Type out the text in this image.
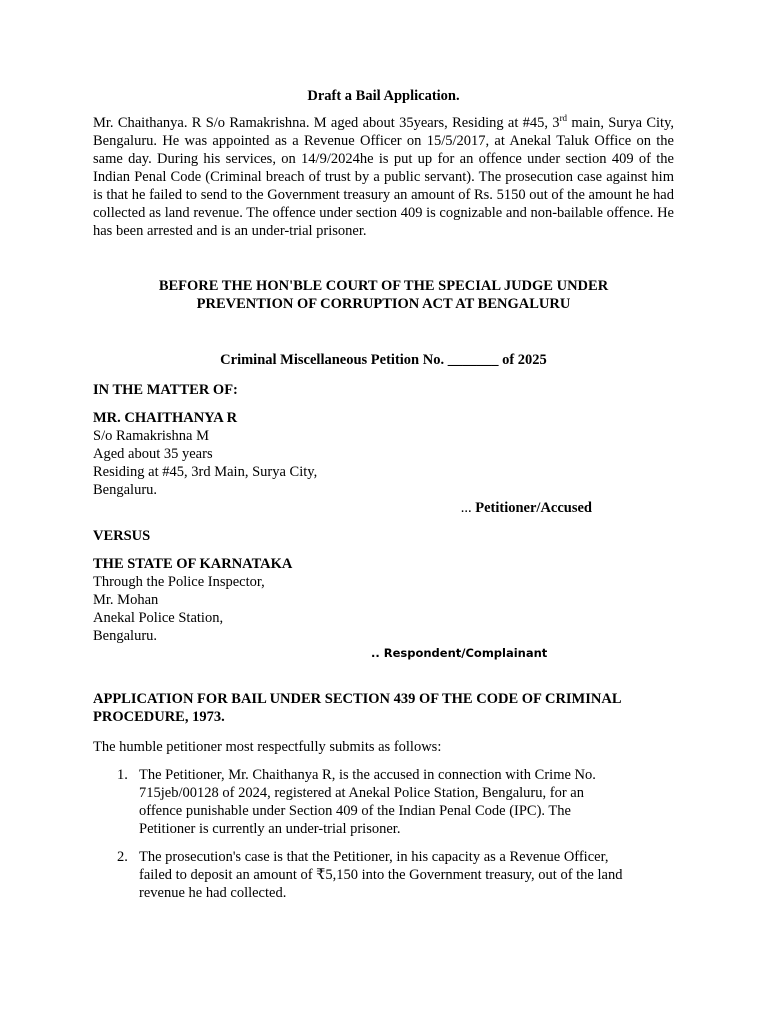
Draft a Bail Application.

Mr. Chaithanya. R S/o Ramakrishna. M aged about 35years, Residing at #45, 3rd main, Surya City, Bengaluru. He was appointed as a Revenue Officer on 15/5/2017, at Anekal Taluk Office on the same day. During his services, on 14/9/2024he is put up for an offence under section 409 of the Indian Penal Code (Criminal breach of trust by a public servant). The prosecution case against him is that he failed to send to the Government treasury an amount of Rs. 5150 out of the amount he had collected as land revenue. The offence under section 409 is cognizable and non-bailable offence. He has been arrested and is an under-trial prisoner.

BEFORE THE HON'BLE COURT OF THE SPECIAL JUDGE UNDER
PREVENTION OF CORRUPTION ACT AT BENGALURU

Criminal Miscellaneous Petition No. _______ of 2025

IN THE MATTER OF:

MR. CHAITHANYA R

S/o Ramakrishna M

Aged about 35 years

Residing at #45, 3rd Main, Surya City,

Bengaluru.

... Petitioner/Accused

VERSUS

THE STATE OF KARNATAKA

Through the Police Inspector,

Mr. Mohan

Anekal Police Station,

Bengaluru.

.. Respondent/Complainant

APPLICATION FOR BAIL UNDER SECTION 439 OF THE CODE OF CRIMINAL
PROCEDURE, 1973.

The humble petitioner most respectfully submits as follows:

1. The Petitioner, Mr. Chaithanya R, is the accused in connection with Crime No. 715jeb/00128 of 2024, registered at Anekal Police Station, Bengaluru, for an offence punishable under Section 409 of the Indian Penal Code (IPC). The Petitioner is currently an under-trial prisoner.
2. The prosecution's case is that the Petitioner, in his capacity as a Revenue Officer, failed to deposit an amount of ₹5,150 into the Government treasury, out of the land revenue he had collected.
